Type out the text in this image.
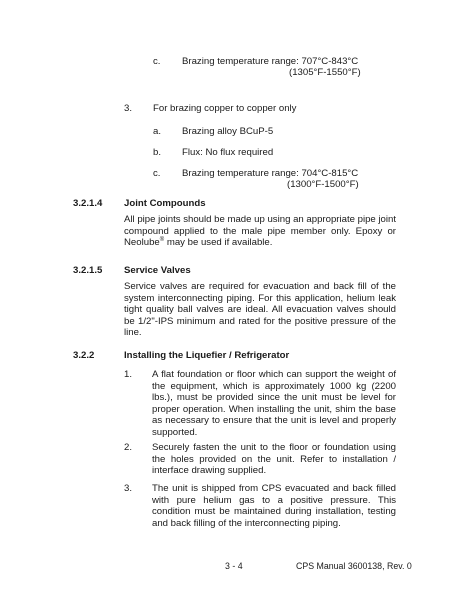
c. Brazing temperature range: 707°C-843°C
(1305°F-1550°F)
3. For brazing copper to copper only
a. Brazing alloy BCuP-5
b. Flux: No flux required
c. Brazing temperature range: 704°C-815°C
(1300°F-1500°F)
3.2.1.4 Joint Compounds
All pipe joints should be made up using an appropriate pipe joint compound applied to the male pipe member only. Epoxy or Neolube® may be used if available.
3.2.1.5 Service Valves
Service valves are required for evacuation and back fill of the system interconnecting piping. For this application, helium leak tight quality ball valves are ideal. All evacuation valves should be 1/2"-IPS minimum and rated for the positive pressure of the line.
3.2.2	Installing the Liquefier / Refrigerator
1. A flat foundation or floor which can support the weight of the equipment, which is approximately 1000 kg (2200 lbs.), must be provided since the unit must be level for proper operation. When installing the unit, shim the base as necessary to ensure that the unit is level and properly supported.
2. Securely fasten the unit to the floor or foundation using the holes provided on the unit. Refer to installation / interface drawing supplied.
3. The unit is shipped from CPS evacuated and back filled with pure helium gas to a positive pressure. This condition must be maintained during installation, testing and back filling of the interconnecting piping.
3 - 4	CPS Manual 3600138, Rev. 0
